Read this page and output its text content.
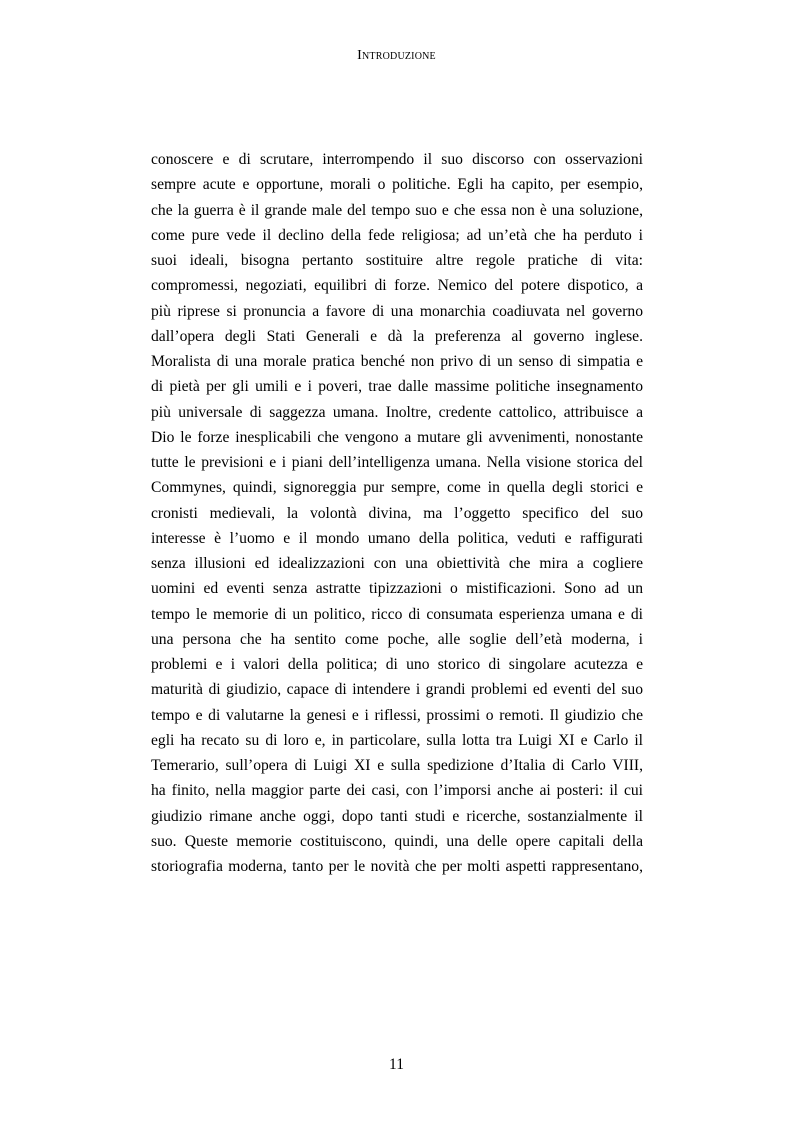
Introduzione
conoscere e di scrutare, interrompendo il suo discorso con osservazioni
sempre acute e opportune, morali o politiche. Egli ha capito, per esempio,
che la guerra è il grande male del tempo suo e che essa non è una soluzione,
come pure vede il declino della fede religiosa; ad un’età che ha perduto i
suoi ideali, bisogna pertanto sostituire altre regole pratiche di vita:
compromessi, negoziati, equilibri di forze. Nemico del potere dispotico, a
più riprese si pronuncia a favore di una monarchia coadiuvata nel governo
dall’opera degli Stati Generali e dà la preferenza al governo inglese.
Moralista di una morale pratica benché non privo di un senso di simpatia e
di pietà per gli umili e i poveri, trae dalle massime politiche insegnamento
più universale di saggezza umana. Inoltre, credente cattolico, attribuisce a
Dio le forze inesplicabili che vengono a mutare gli avvenimenti, nonostante
tutte le previsioni e i piani dell’intelligenza umana. Nella visione storica del
Commynes, quindi, signoreggia pur sempre, come in quella degli storici e
cronisti medievali, la volontà divina, ma l’oggetto specifico del suo
interesse è l’uomo e il mondo umano della politica, veduti e raffigurati
senza illusioni ed idealizzazioni con una obiettività che mira a cogliere
uomini ed eventi senza astratte tipizzazioni o mistificazioni. Sono ad un
tempo le memorie di un politico, ricco di consumata esperienza umana e di
una persona che ha sentito come poche, alle soglie dell’età moderna, i
problemi e i valori della politica; di uno storico di singolare acutezza e
maturità di giudizio, capace di intendere i grandi problemi ed eventi del suo
tempo e di valutarne la genesi e i riflessi, prossimi o remoti. Il giudizio che
egli ha recato su di loro e, in particolare, sulla lotta tra Luigi XI e Carlo il
Temerario, sull’opera di Luigi XI e sulla spedizione d’Italia di Carlo VIII,
ha finito, nella maggior parte dei casi, con l’imporsi anche ai posteri: il cui
giudizio rimane anche oggi, dopo tanti studi e ricerche, sostanzialmente il
suo. Queste memorie costituiscono, quindi, una delle opere capitali della
storiografia moderna, tanto per le novità che per molti aspetti rappresentano,
11
